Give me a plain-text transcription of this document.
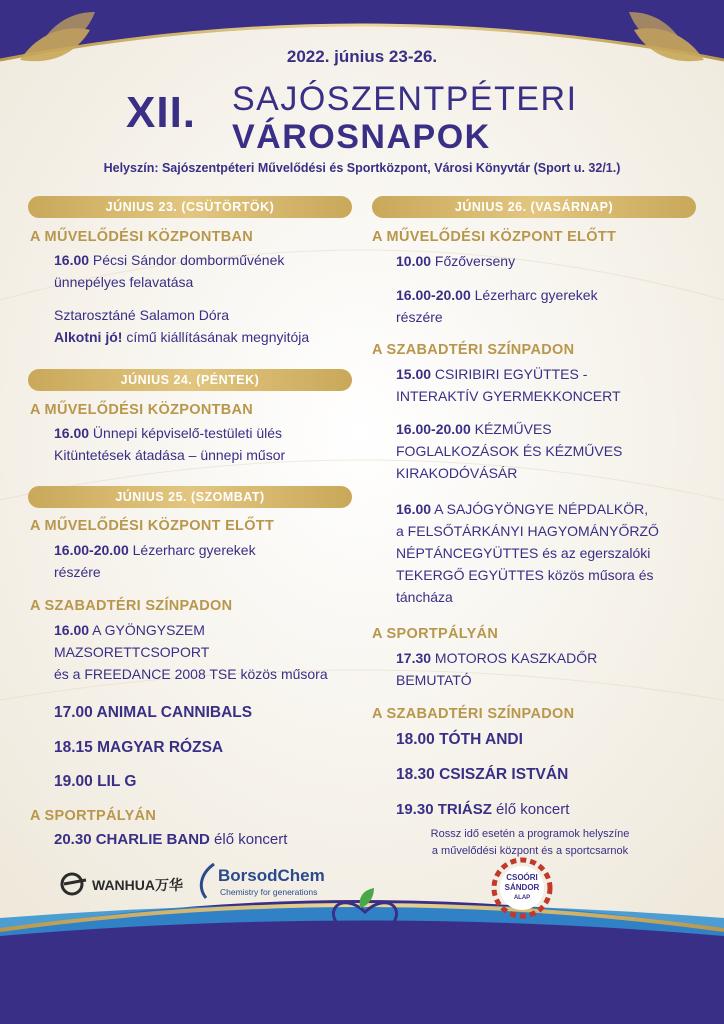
2022. június 23-26.
XII. SAJÓSZENTPÉTERI
VÁROSNAPOK
Helyszín: Sajószentpéteri Művelődési és Sportközpont, Városi Könyvtár (Sport u. 32/1.)
JÚNIUS 23. (CSÜTÖRTÖK)
A MŰVELŐDÉSI KÖZPONTBAN
16.00 Pécsi Sándor domborművének
ünnepélyes felavatása
Sztarosztáné Salamon Dóra
Alkotni jó! című kiállításának megnyitója
JÚNIUS 24. (PÉNTEK)
A MŰVELŐDÉSI KÖZPONTBAN
16.00 Ünnepi képviselő-testületi ülés
Kitüntetések átadása – ünnepi műsor
JÚNIUS 25. (SZOMBAT)
A MŰVELŐDÉSI KÖZPONT ELŐTT
16.00-20.00 Lézerharc gyerekek
részére
A SZABADTÉRI SZÍNPADON
16.00 A GYÖNGYSZEM
MAZSORETTCSOPORT
és a FREEDANCE 2008 TSE közös műsora
17.00 ANIMAL CANNIBALS
18.15 MAGYAR RÓZSA
19.00 LIL G
A SPORTPÁLYÁN
20.30 CHARLIE BAND élő koncert
JÚNIUS 26. (VASÁRNAP)
A MŰVELŐDÉSI KÖZPONT ELŐTT
10.00 Főzőverseny
16.00-20.00 Lézerharc gyerekek
részére
A SZABADTÉRI SZÍNPADON
15.00 CSIRIBIRI EGYÜTTES -
INTERAKTÍV GYERMEKKONCERT
16.00-20.00 KÉZMŰVES
FOGLALKOZÁSOK ÉS KÉZMŰVES
KIRAKODÓVÁSÁR
16.00 A SAJÓGYÖNGYE NÉPDALKÖR,
a FELSŐTÁRKÁNYI HAGYOMÁNYŐRZŐ
NÉPTÁNCEGYÜTTES és az egerszalóki
TEKERGŐ EGYÜTTES közös műsora és
táncháza
A SPORTPÁLYÁN
17.30 MOTOROS KASZKADŐR
BEMUTATÓ
A SZABADTÉRI SZÍNPADON
18.00 TÓTH ANDI
18.30 CSISZÁR ISTVÁN
19.30 TRIÁSZ élő koncert
Rossz idő esetén a programok helyszíne
a művelődési központ és a sportcsarnok
WANHUA万华 BorsodChem
Chemistry for generations
SAJÓSZENTPÉTER
CSOÓRI
SÁNDOR
ALAP
